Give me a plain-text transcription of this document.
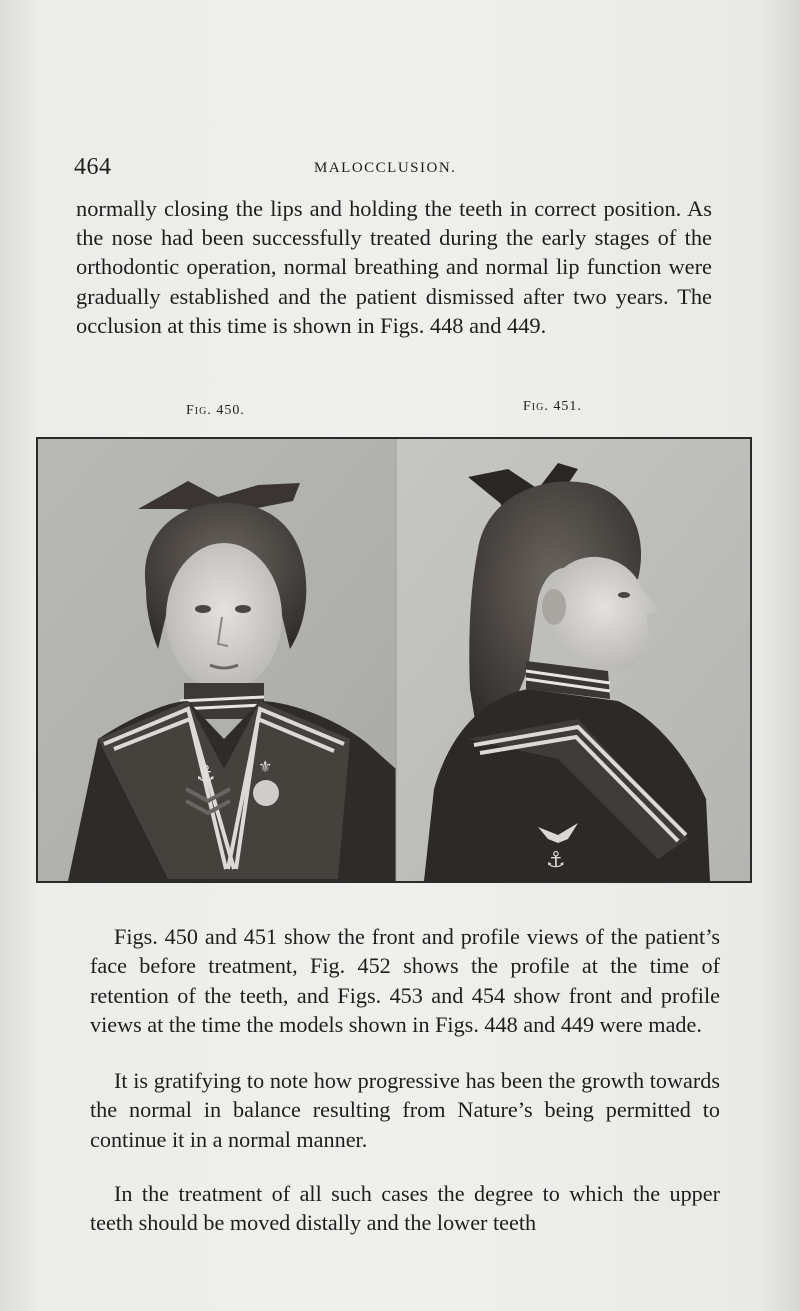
464	MALOCCLUSION.

normally closing the lips and holding the teeth in correct position. As the nose had been successfully treated during the early stages of the orthodontic operation, normal breathing and normal lip function were gradually established and the patient dismissed after two years. The occlusion at this time is shown in Figs. 448 and 449.

Fig. 450.	Fig. 451.
⚓	⚜
⚓

Figs. 450 and 451 show the front and profile views of the patient’s face before treatment, Fig. 452 shows the profile at the time of retention of the teeth, and Figs. 453 and 454 show front and profile views at the time the models shown in Figs. 448 and 449 were made.

It is gratifying to note how progressive has been the growth towards the normal in balance resulting from Nature’s being permitted to continue it in a normal manner.

In the treatment of all such cases the degree to which the upper teeth should be moved distally and the lower teeth
